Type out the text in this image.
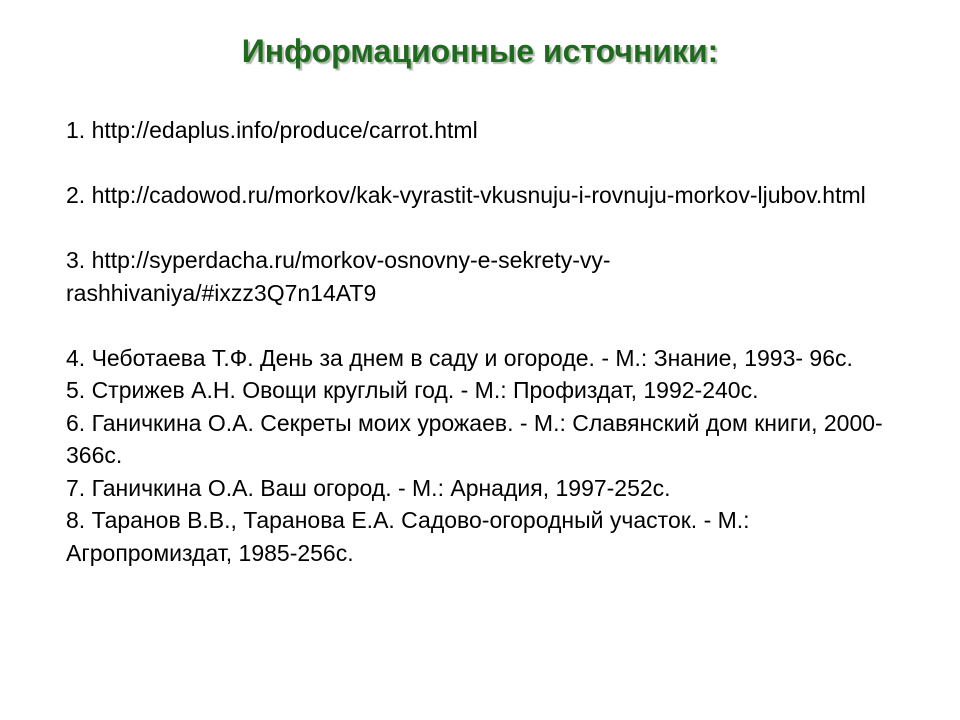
Информационные источники:
1. http://edaplus.info/produce/carrot.html
2. http://cadowod.ru/morkov/kak-vyrastit-vkusnuju-i-rovnuju-morkov-ljubov.html
3. http://syperdacha.ru/morkov-osnovny-e-sekrety-vy-rashhivaniya/#ixzz3Q7n14AT9
4. Чеботаева Т.Ф. День за днем в саду и огороде. - М.: Знание, 1993- 96с.
5. Стрижев А.Н. Овощи круглый год. - М.: Профиздат, 1992-240с.
6. Ганичкина О.А. Секреты моих урожаев. - М.: Славянский дом книги, 2000-366с.
7. Ганичкина О.А. Ваш огород. - М.: Арнадия, 1997-252с.
8. Таранов В.В., Таранова Е.А. Садово-огородный участок. - М.: Агропромиздат, 1985-256с.
